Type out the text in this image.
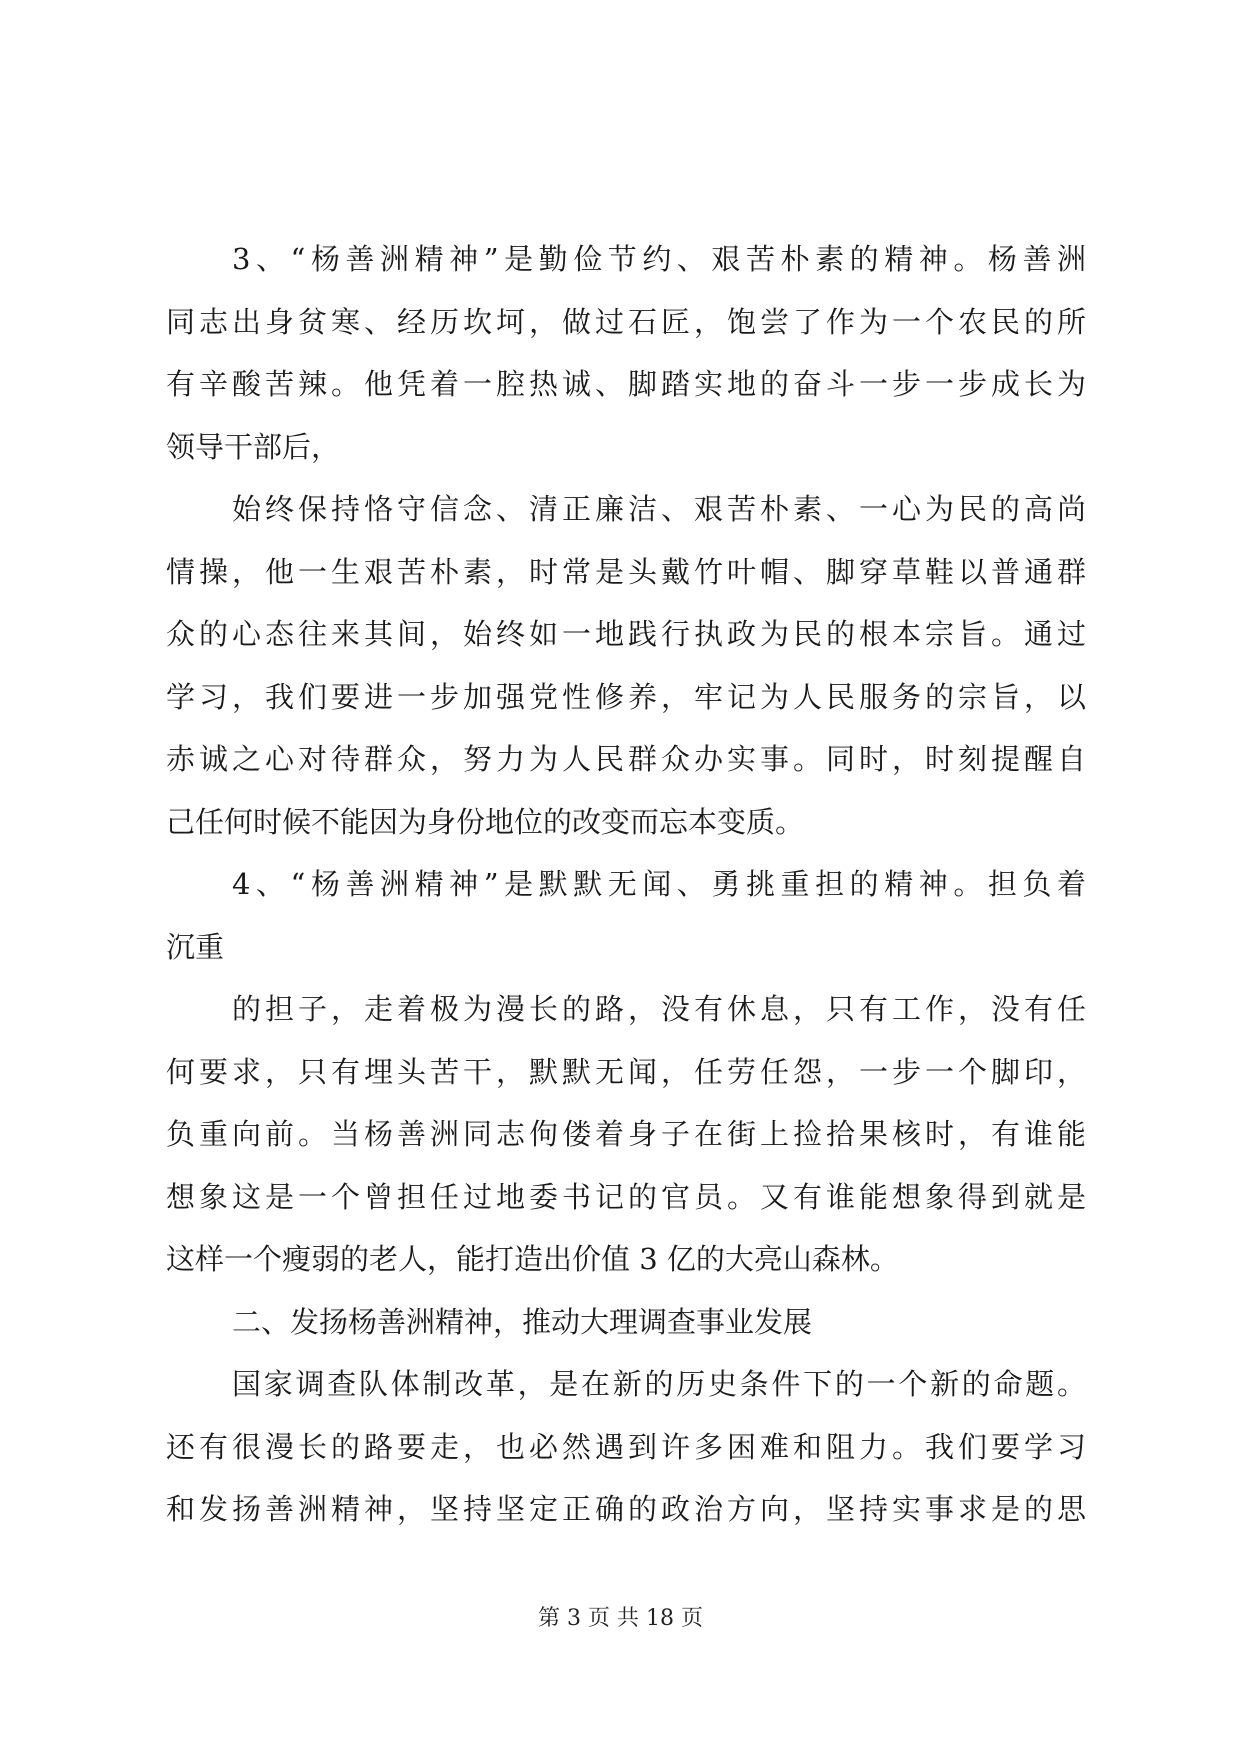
3、“杨善洲精神”是勤俭节约、艰苦朴素的精神。杨善洲
同志出身贫寒、经历坎坷，做过石匠，饱尝了作为一个农民的所
有辛酸苦辣。他凭着一腔热诚、脚踏实地的奋斗一步一步成长为
领导干部后，
始终保持恪守信念、清正廉洁、艰苦朴素、一心为民的高尚
情操，他一生艰苦朴素，时常是头戴竹叶帽、脚穿草鞋以普通群
众的心态往来其间，始终如一地践行执政为民的根本宗旨。通过
学习，我们要进一步加强党性修养，牢记为人民服务的宗旨，以
赤诚之心对待群众，努力为人民群众办实事。同时，时刻提醒自
己任何时候不能因为身份地位的改变而忘本变质。
4、“杨善洲精神”是默默无闻、勇挑重担的精神。担负着
沉重
的担子，走着极为漫长的路，没有休息，只有工作，没有任
何要求，只有埋头苦干，默默无闻，任劳任怨，一步一个脚印，
负重向前。当杨善洲同志佝偻着身子在街上捡拾果核时，有谁能
想象这是一个曾担任过地委书记的官员。又有谁能想象得到就是
这样一个瘦弱的老人，能打造出价值 3 亿的大亮山森林。
二、发扬杨善洲精神，推动大理调查事业发展
国家调查队体制改革，是在新的历史条件下的一个新的命题。
还有很漫长的路要走，也必然遇到许多困难和阻力。我们要学习
和发扬善洲精神，坚持坚定正确的政治方向，坚持实事求是的思
第 3 页 共 18 页
